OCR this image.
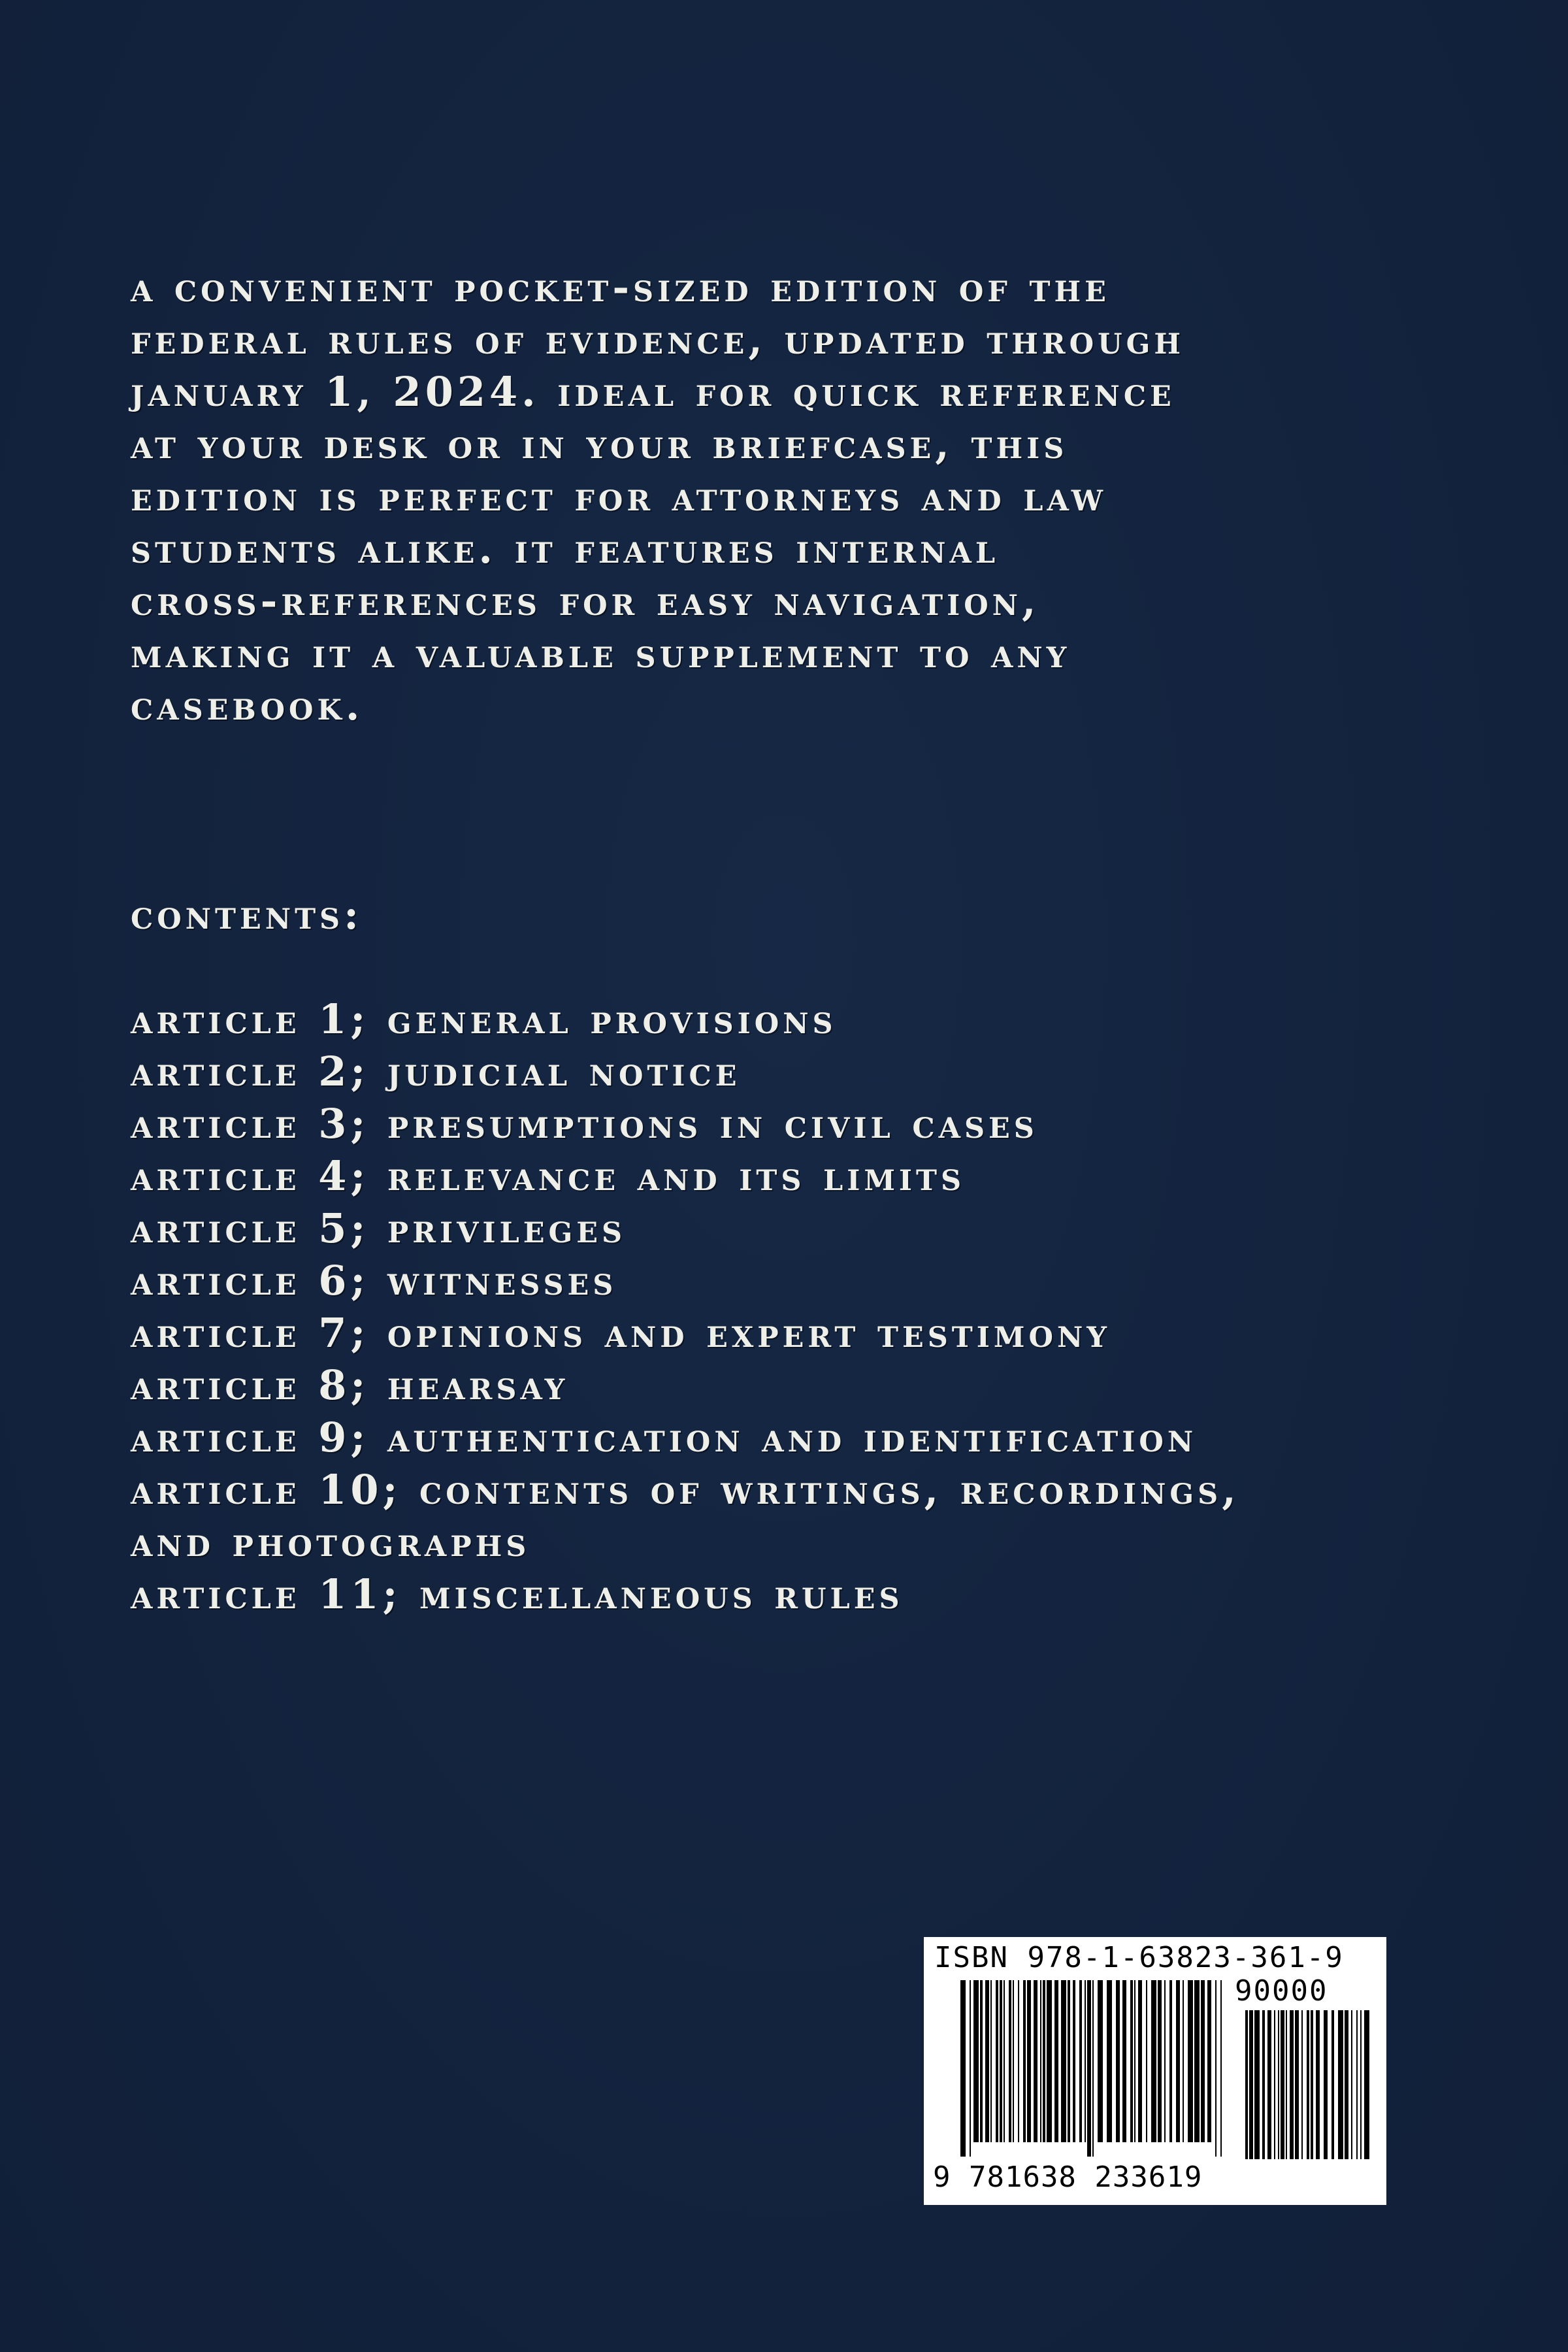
a convenient pocket-sized edition of the
federal rules of evidence, updated through
january 1, 2024. ideal for quick reference
at your desk or in your briefcase, this
edition is perfect for attorneys and law
students alike. it features internal
cross-references for easy navigation,
making it a valuable supplement to any
casebook.

contents:
article 1; general provisions
article 2; judicial notice
article 3; presumptions in civil cases
article 4; relevance and its limits
article 5; privileges
article 6; witnesses
article 7; opinions and expert testimony
article 8; hearsay
article 9; authentication and identification
article 10; contents of writings, recordings,
and photographs
article 11; miscellaneous rules
ISBN 978-1-63823-361-9
90000
9 781638 233619
